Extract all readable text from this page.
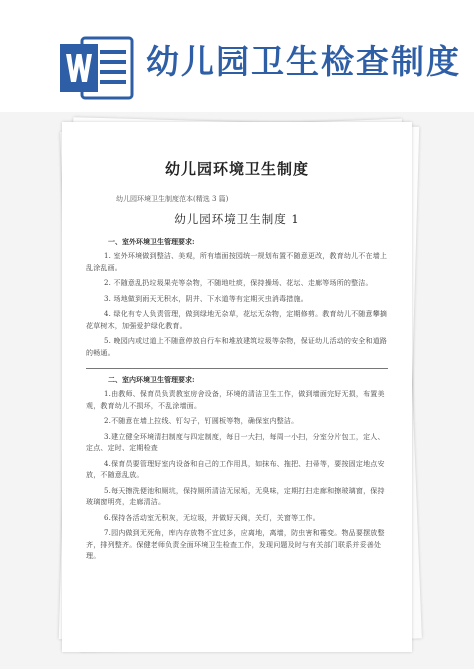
幼儿园卫生检查制度
幼儿园环境卫生制度
幼儿园环境卫生制度范本(精选 3 篇)
幼儿园环境卫生制度 1
一、室外环境卫生管理要求:

1. 室外环境做到整洁、美观，所有墙面按园统一规划布置不随意更改，教育幼儿不在墙上乱涂乱画。

2. 不随意乱扔垃圾果壳等杂物，不随地吐痰，保持操场、花坛、走廊等场所的整洁。

3. 场地做到雨天无积水，阴井、下水道等有定期灭虫消毒措施。

4. 绿化有专人负责管理，做到绿地无杂草，花坛无杂物，定期修剪。教育幼儿不随意攀摘花草树木，加强爱护绿化教育。

5. 晚园内或过道上不随意停放自行车和堆放建筑垃圾等杂物，保证幼儿活动的安全和道路的畅通。

二、室内环境卫生管理要求:

1.由教师、保育员负责教室房舍设备，环境的清洁卫生工作，做到墙面完好无损，布置美观，教育幼儿不损坏，不乱涂墙面。

2.不随意在墙上拉线、钉勾子，钉圆板等物，确保室内整洁。

3.建立健全环境清扫制度与四定制度，每日一大扫，每周一小扫，分室分片包工，定人、定点、定时、定期检查

4.保育员要管理好室内设备和自己的工作用具，如抹布、拖把、扫帚等，要按固定地点安放，不随意乱放。

5.每天擦洗便池和厕坑，保持厕所清洁无尿垢，无臭味，定期打扫走廊和擦玻璃窗，保持玻璃窗明亮，走廊清洁。

6.保持各活动室无积灰，无垃圾，并做好天阀，关灯，关窗等工作。

7.园内做到无死角，库内存放物不宜过多，应离地，离墙，防虫害和霉变。物品要摆放整齐，排列整齐。保健老师负责全面环境卫生检查工作，发现问题及时与有关部门联系并妥善处理。
